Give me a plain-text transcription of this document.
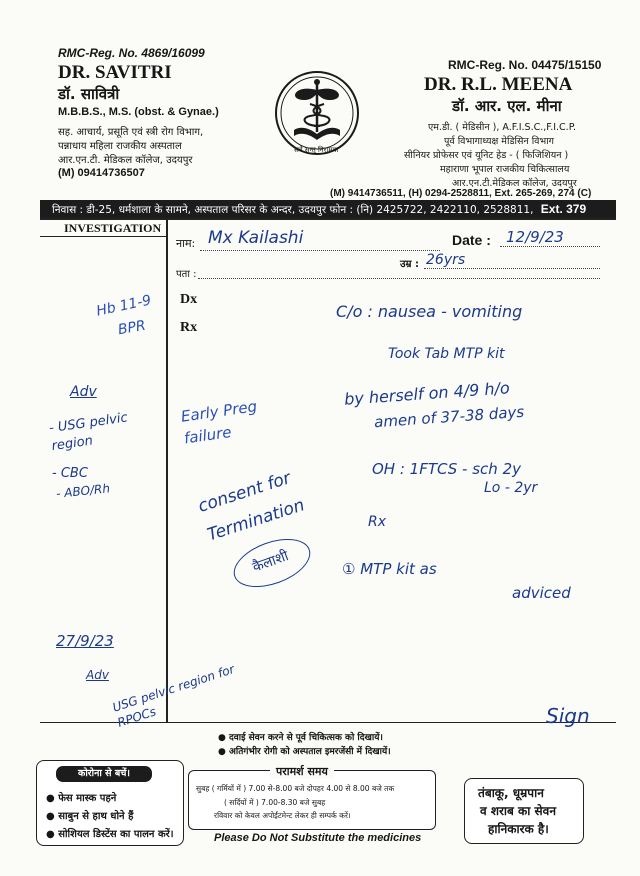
RMC-Reg. No. 4869/16099
DR. SAVITRI
डॉ. सावित्री
M.B.B.S., M.S. (obst. & Gynae.)
सह. आचार्य, प्रसूति एवं स्त्री रोग विभाग,
पन्नाधाय महिला राजकीय अस्पताल
आर.एन.टी. मेडिकल कॉलेज, उदयपुर
(M) 09414736507
सर्वे सन्तु निरामया
RMC-Reg. No. 04475/15150
DR. R.L. MEENA
डॉ. आर. एल. मीना
एम.डी. ( मेडिसीन ), A.F.I.S.C.,F.I.C.P.
पूर्व विभागाध्यक्ष मेडिसिन विभाग
सीनियर प्रोफेसर एवं यूनिट हेड - ( फिजिशियन )
महाराणा भूपाल राजकीय चिकित्सालय
आर.एन.टी.मेडिकल कॉलेज, उदयपुर
(M) 9414736511, (H) 0294-2528811, Ext. 265-269, 274 (C)
निवास : डी-25, धर्मशाला के सामने, अस्पताल परिसर के अन्दर, उदयपुर फोन : (नि) 2425722, 2422110, 2528811, Ext. 379
INVESTIGATION
नाम: Mx Kailashi	Date : 12/9/23
उम्र : 26yrs
पता :
Dx
Rx
Hb 11-9
BPR
Adv
- USG pelvic region
- CBC
- ABO/Rh
27/9/23
Adv USG pelvic region for RPOCs
Early Preg failure
consent for Termination
कैलाशी
C/o : nausea - vomiting
Took Tab MTP kit
by herself on 4/9 h/o
amen of 37-38 days
OH : 1FTCS - sch 2y
Lo - 2yr
Rx
① MTP kit as
adviced
Sign
● दवाई सेवन करने से पूर्व चिकित्सक को दिखायें।
● अतिगंभीर रोगी को अस्पताल इमरजेंसी में दिखायें।
कोरोना से बचें।
● फेस मास्क पहने
● साबुन से हाथ धोने हैं
● सोशियल डिस्टेंस का पालन करें।
परामर्श समय
सुबह ( गर्मियों में ) 7.00 से-8.00 बजे दोपहर 4.00 से 8.00 बजे तक
( सर्दियों में ) 7.00-8.30 बजे सुबह
रविवार को केवल अपोईंटमेन्ट लेकर ही सम्पर्क करें।
Please Do Not Substitute the medicines
तंबाकू, धूम्रपान
व शराब का सेवन
हानिकारक है।
